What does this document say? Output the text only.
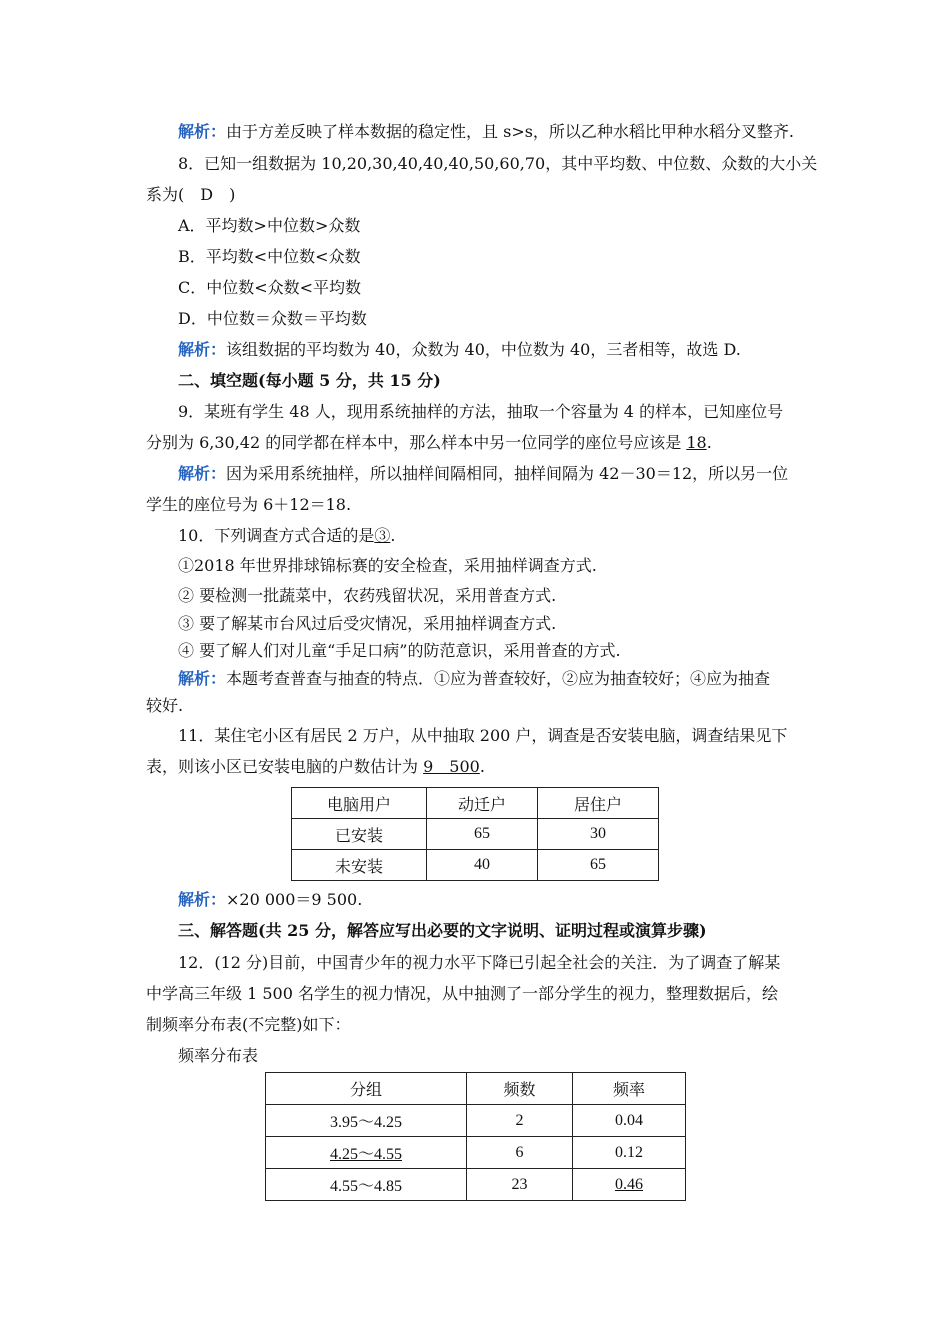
解析：由于方差反映了样本数据的稳定性，且 s>s，所以乙种水稻比甲种水稻分叉整齐.
8．已知一组数据为 10,20,30,40,40,40,50,60,70，其中平均数、中位数、众数的大小关
系为(　D　)
A．平均数>中位数>众数
B．平均数<中位数<众数
C．中位数<众数<平均数
D．中位数＝众数＝平均数
解析：该组数据的平均数为 40，众数为 40，中位数为 40，三者相等，故选 D.
二、填空题(每小题 5 分，共 15 分)
9．某班有学生 48 人，现用系统抽样的方法，抽取一个容量为 4 的样本，已知座位号
分别为 6,30,42 的同学都在样本中，那么样本中另一位同学的座位号应该是 18.
解析：因为采用系统抽样，所以抽样间隔相同，抽样间隔为 42－30＝12，所以另一位
学生的座位号为 6＋12＝18.
10．下列调查方式合适的是③.
①2018 年世界排球锦标赛的安全检查，采用抽样调查方式.
② 要检测一批蔬菜中，农药残留状况，采用普查方式.
③ 要了解某市台风过后受灾情况，采用抽样调查方式.
④ 要了解人们对儿童“手足口病”的防范意识，采用普查的方式.
解析：本题考查普查与抽查的特点．①应为普查较好，②应为抽查较好；④应为抽查
较好.
11．某住宅小区有居民 2 万户，从中抽取 200 户，调查是否安装电脑，调查结果见下
表，则该小区已安装电脑的户数估计为 9　500.
电脑用户	动迁户	居住户
已安装	65	30
未安装	40	65
解析：×20 000＝9 500.
三、解答题(共 25 分，解答应写出必要的文字说明、证明过程或演算步骤)
12．(12 分)目前，中国青少年的视力水平下降已引起全社会的关注．为了调查了解某
中学高三年级 1 500 名学生的视力情况，从中抽测了一部分学生的视力，整理数据后，绘
制频率分布表(不完整)如下：
频率分布表
分组	频数	频率
3.95～4.25	2	0.04
4.25～4.55	6	0.12
4.55～4.85	23	0.46
